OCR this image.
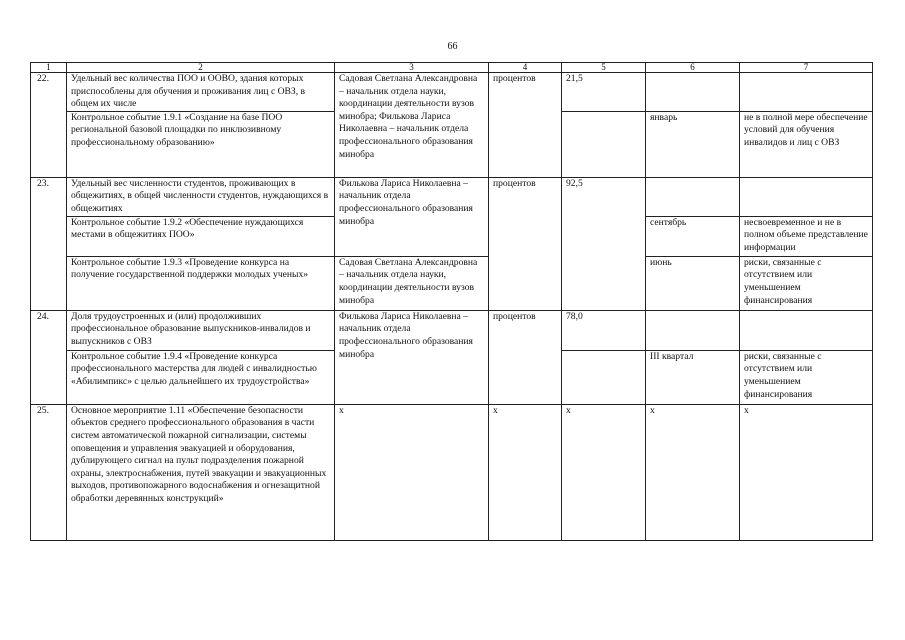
66
1	2	3	4	5	6	7
22.	Удельный вес количества ПОО и ООВО, здания которых приспособлены для обучения и проживания лиц с ОВЗ, в общем их числе	Садовая Светлана Александровна – начальник отдела науки, координации деятельности вузов минобра; Филькова Лариса Николаевна – начальник отдела профессионального образования минобра	процентов	21,5		
	Контрольное событие 1.9.1 «Создание на базе ПОО региональной базовой площадки по инклюзивному профессиональному образованию»				январь	не в полной мере обеспечение условий для обучения инвалидов и лиц с ОВЗ
23.	Удельный вес численности студентов, проживающих в общежитиях, в общей численности студентов, нуждающихся в общежитиях	Филькова Лариса Николаевна – начальник отдела профессионального образования минобра	процентов	92,5		
	Контрольное событие 1.9.2 «Обеспечение нуждающихся местами в общежитиях ПОО»				сентябрь	несвоевременное и не в полном объеме представление информации
	Контрольное событие 1.9.3 «Проведение конкурса на получение государственной поддержки молодых ученых»	Садовая Светлана Александровна – начальник отдела науки, координации деятельности вузов минобра			июнь	риски, связанные с отсутствием или уменьшением финансирования
24.	Доля трудоустроенных и (или) продолживших профессиональное образование выпускников-инвалидов и выпускников с ОВЗ	Филькова Лариса Николаевна – начальник отдела профессионального образования минобра	процентов	78,0		
	Контрольное событие 1.9.4 «Проведение конкурса профессионального мастерства для людей с инвалидностью «Абилимпикс» с целью дальнейшего их трудоустройства»				III квартал	риски, связанные с отсутствием или уменьшением финансирования
25.	Основное мероприятие 1.11 «Обеспечение безопасности объектов среднего профессионального образования в части систем автоматической пожарной сигнализации, системы оповещения и управления эвакуацией и оборудования, дублирующего сигнал на пульт подразделения пожарной охраны, электроснабжения, путей эвакуации и эвакуационных выходов, противопожарного водоснабжения и огнезащитной обработки деревянных конструкций»	х	х	х	х	х
